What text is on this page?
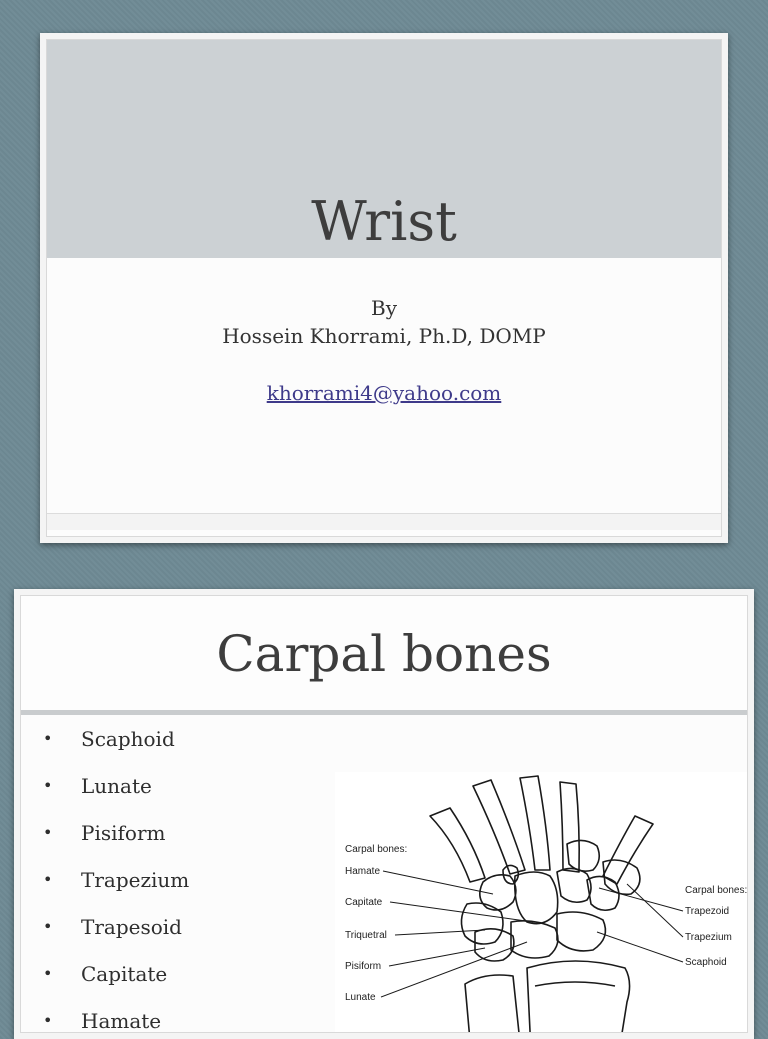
Wrist
By
Hossein Khorrami, Ph.D, DOMP
khorrami4@yahoo.com
Carpal bones
•	Scaphoid
•	Lunate
•	Pisiform
•	Trapezium
•	Trapesoid
•	Capitate
•	Hamate
Carpal bones:
Hamate
Capitate
Triquetral
Pisiform
Lunate
Carpal bones:
Trapezoid
Trapezium
Scaphoid
